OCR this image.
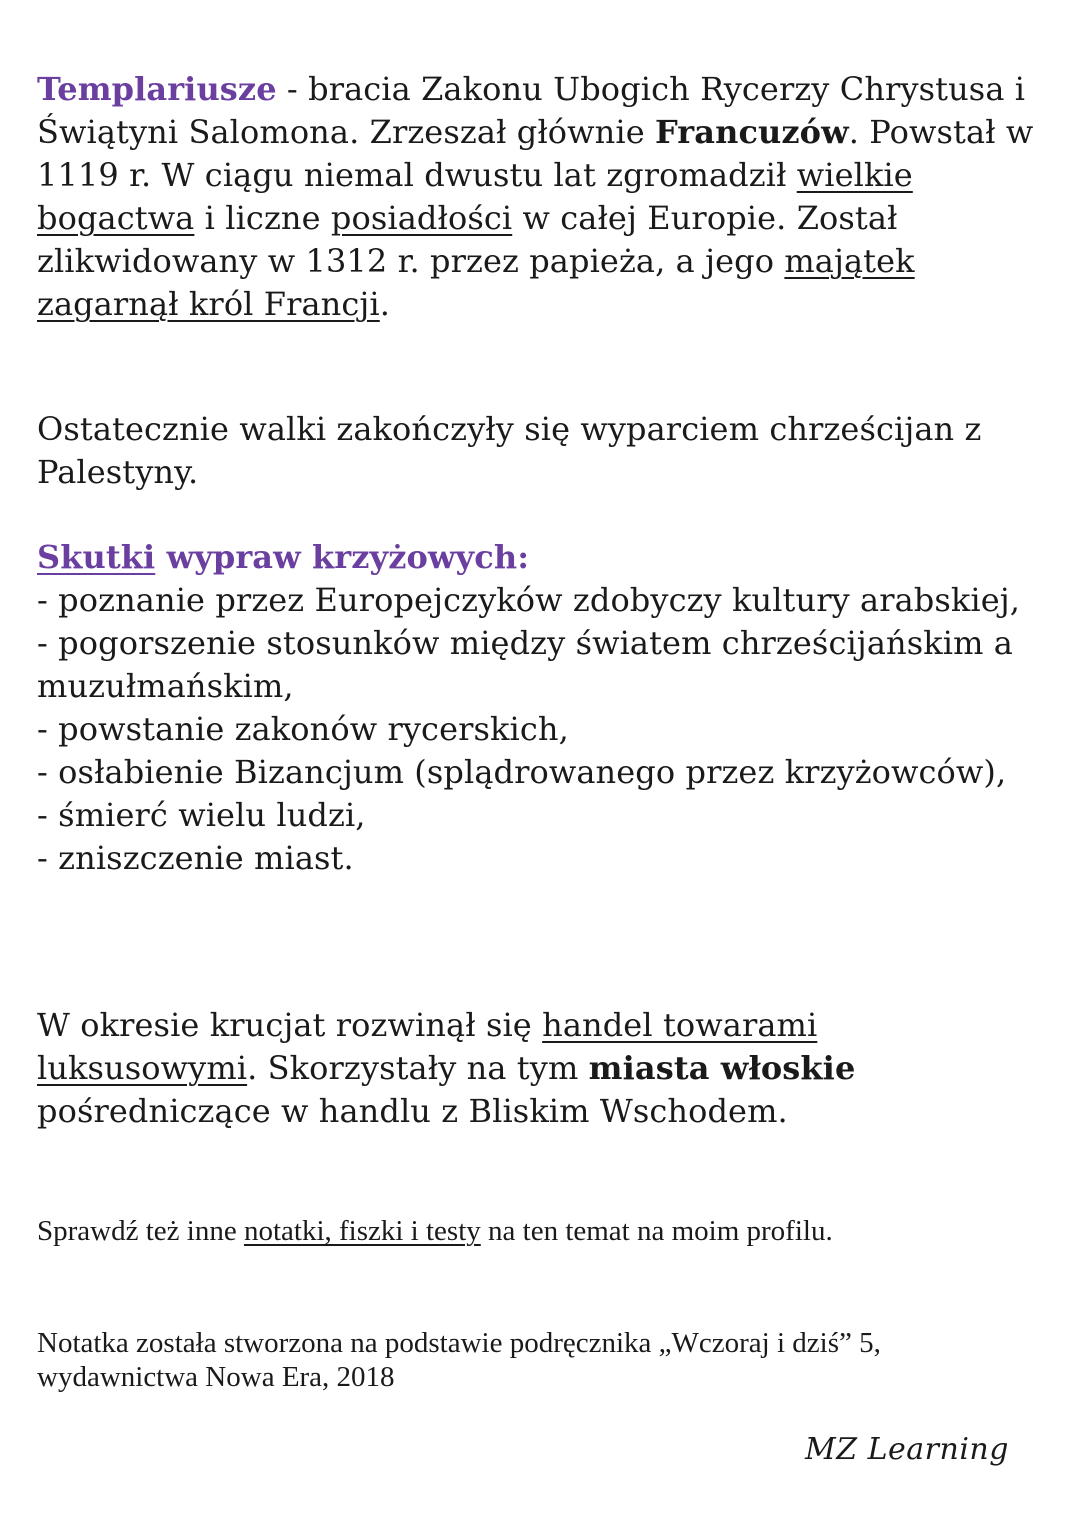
Templariusze - bracia Zakonu Ubogich Rycerzy Chrystusa i Świątyni Salomona. Zrzeszał głównie Francuzów. Powstał w 1119 r. W ciągu niemal dwustu lat zgromadził wielkie bogactwa i liczne posiadłości w całej Europie. Został zlikwidowany w 1312 r. przez papieża, a jego majątek zagarnął król Francji.

Ostatecznie walki zakończyły się wyparciem chrześcijan z Palestyny.

Skutki wypraw krzyżowych:
- poznanie przez Europejczyków zdobyczy kultury arabskiej,
- pogorszenie stosunków między światem chrześcijańskim a muzułmańskim,
- powstanie zakonów rycerskich,
- osłabienie Bizancjum (splądrowanego przez krzyżowców),
- śmierć wielu ludzi,
- zniszczenie miast.

W okresie krucjat rozwinął się handel towarami luksusowymi. Skorzystały na tym miasta włoskie pośredniczące w handlu z Bliskim Wschodem.

Sprawdź też inne notatki, fiszki i testy na ten temat na moim profilu.

Notatka została stworzona na podstawie podręcznika „Wczoraj i dziś” 5, wydawnictwa Nowa Era, 2018

MZ Learning
